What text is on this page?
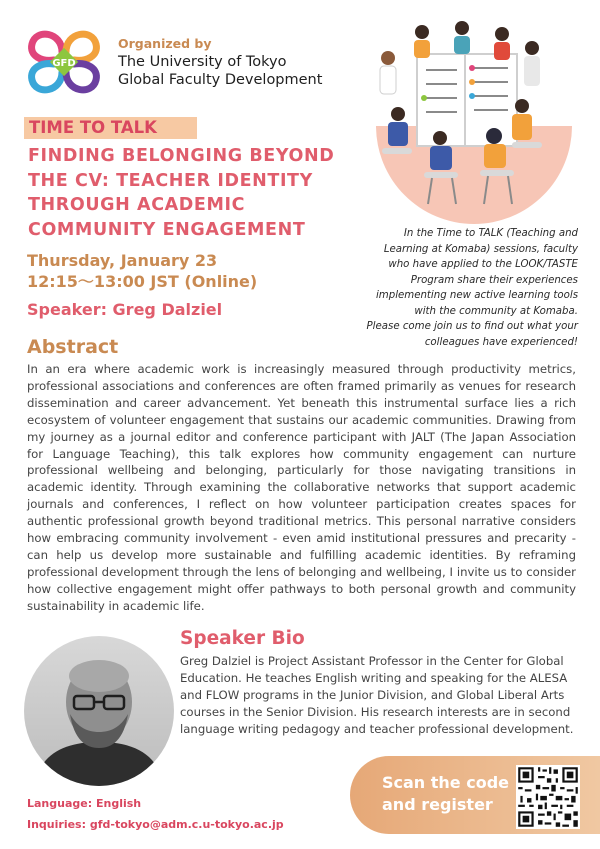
GFD
Organized by
The University of Tokyo
Global Faculty Development
TIME TO TALK
FINDING BELONGING BEYOND
THE CV: TEACHER IDENTITY
THROUGH ACADEMIC
COMMUNITY ENGAGEMENT
Thursday, January 23
12:15〜13:00 JST (Online)
Speaker: Greg Dalziel
In the Time to TALK (Teaching and
Learning at Komaba) sessions, faculty
who have applied to the LOOK/TASTE
Program share their experiences
implementing new active learning tools
with the community at Komaba.
Please come join us to find out what your
colleagues have experienced!
Abstract
In an era where academic work is increasingly measured through productivity metrics, professional associations and conferences are often framed primarily as venues for research dissemination and career advancement. Yet beneath this instrumental surface lies a rich ecosystem of volunteer engagement that sustains our academic communities. Drawing from my journey as a journal editor and conference participant with JALT (The Japan Association for Language Teaching), this talk explores how community engagement can nurture professional wellbeing and belonging, particularly for those navigating transitions in academic identity. Through examining the collaborative networks that support academic journals and conferences, I reflect on how volunteer participation creates spaces for authentic professional growth beyond traditional metrics. This personal narrative considers how embracing community involvement - even amid institutional pressures and precarity - can help us develop more sustainable and fulfilling academic identities. By reframing professional development through the lens of belonging and wellbeing, I invite us to consider how collective engagement might offer pathways to both personal growth and community sustainability in academic life.
Speaker Bio
Greg Dalziel is Project Assistant Professor in the Center for Global Education. He teaches English writing and speaking for the ALESA and FLOW programs in the Junior Division, and Global Liberal Arts courses in the Senior Division. His research interests are in second language writing pedagogy and teacher professional development.
Language: English
Inquiries: gfd-tokyo@adm.c.u-tokyo.ac.jp
Scan the code
and register
